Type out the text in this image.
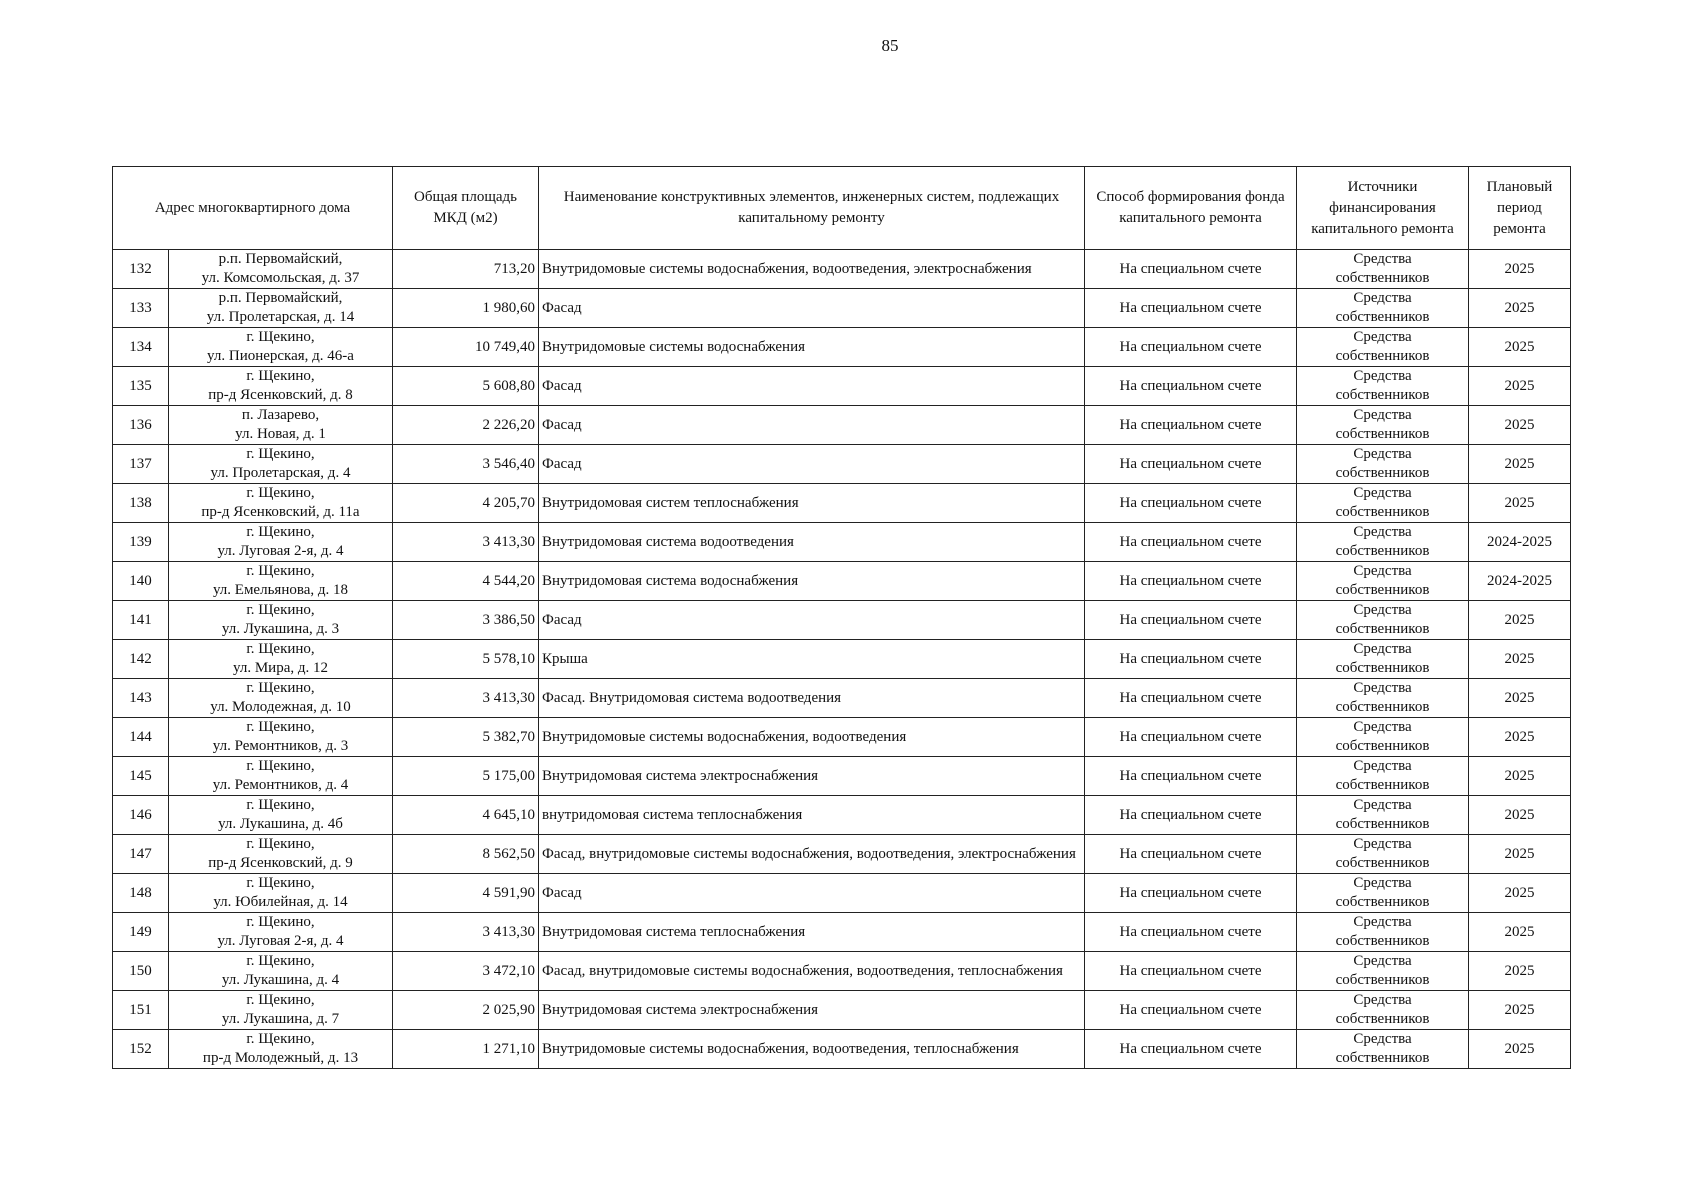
85
Адрес многоквартирного дома		Общая площадь МКД (м2)	Наименование конструктивных элементов, инженерных систем, подлежащих капитальному ремонту	Способ формирования фонда капитального ремонта	Источники финансирования капитального ремонта	Плановый период ремонта
132	р.п. Первомайский,
ул. Комсомольская, д. 37	713,20	Внутридомовые системы водоснабжения, водоотведения, электроснабжения	На специальном счете	Средства
собственников	2025
133	р.п. Первомайский,
ул. Пролетарская, д. 14	1 980,60	Фасад	На специальном счете	Средства
собственников	2025
134	г. Щекино,
ул. Пионерская, д. 46-а	10 749,40	Внутридомовые системы водоснабжения	На специальном счете	Средства
собственников	2025
135	г. Щекино,
пр-д Ясенковский, д. 8	5 608,80	Фасад	На специальном счете	Средства
собственников	2025
136	п. Лазарево,
ул. Новая, д. 1	2 226,20	Фасад	На специальном счете	Средства
собственников	2025
137	г. Щекино,
ул. Пролетарская, д. 4	3 546,40	Фасад	На специальном счете	Средства
собственников	2025
138	г. Щекино,
пр-д Ясенковский, д. 11а	4 205,70	Внутридомовая систем теплоснабжения	На специальном счете	Средства
собственников	2025
139	г. Щекино,
ул. Луговая 2-я, д. 4	3 413,30	Внутридомовая система водоотведения	На специальном счете	Средства
собственников	2024-2025
140	г. Щекино,
ул. Емельянова, д. 18	4 544,20	Внутридомовая система водоснабжения	На специальном счете	Средства
собственников	2024-2025
141	г. Щекино,
ул. Лукашина, д. 3	3 386,50	Фасад	На специальном счете	Средства
собственников	2025
142	г. Щекино,
ул. Мира, д. 12	5 578,10	Крыша	На специальном счете	Средства
собственников	2025
143	г. Щекино,
ул. Молодежная, д. 10	3 413,30	Фасад. Внутридомовая система водоотведения	На специальном счете	Средства
собственников	2025
144	г. Щекино,
ул. Ремонтников, д. 3	5 382,70	Внутридомовые системы водоснабжения, водоотведения	На специальном счете	Средства
собственников	2025
145	г. Щекино,
ул. Ремонтников, д. 4	5 175,00	Внутридомовая система электроснабжения	На специальном счете	Средства
собственников	2025
146	г. Щекино,
ул. Лукашина, д. 4б	4 645,10	внутридомовая система теплоснабжения	На специальном счете	Средства
собственников	2025
147	г. Щекино,
пр-д Ясенковский, д. 9	8 562,50	Фасад, внутридомовые системы водоснабжения, водоотведения, электроснабжения	На специальном счете	Средства
собственников	2025
148	г. Щекино,
ул. Юбилейная, д. 14	4 591,90	Фасад	На специальном счете	Средства
собственников	2025
149	г. Щекино,
ул. Луговая 2-я, д. 4	3 413,30	Внутридомовая система теплоснабжения	На специальном счете	Средства
собственников	2025
150	г. Щекино,
ул. Лукашина, д. 4	3 472,10	Фасад, внутридомовые системы водоснабжения, водоотведения, теплоснабжения	На специальном счете	Средства
собственников	2025
151	г. Щекино,
ул. Лукашина, д. 7	2 025,90	Внутридомовая система электроснабжения	На специальном счете	Средства
собственников	2025
152	г. Щекино,
пр-д Молодежный, д. 13	1 271,10	Внутридомовые системы водоснабжения, водоотведения, теплоснабжения	На специальном счете	Средства
собственников	2025
